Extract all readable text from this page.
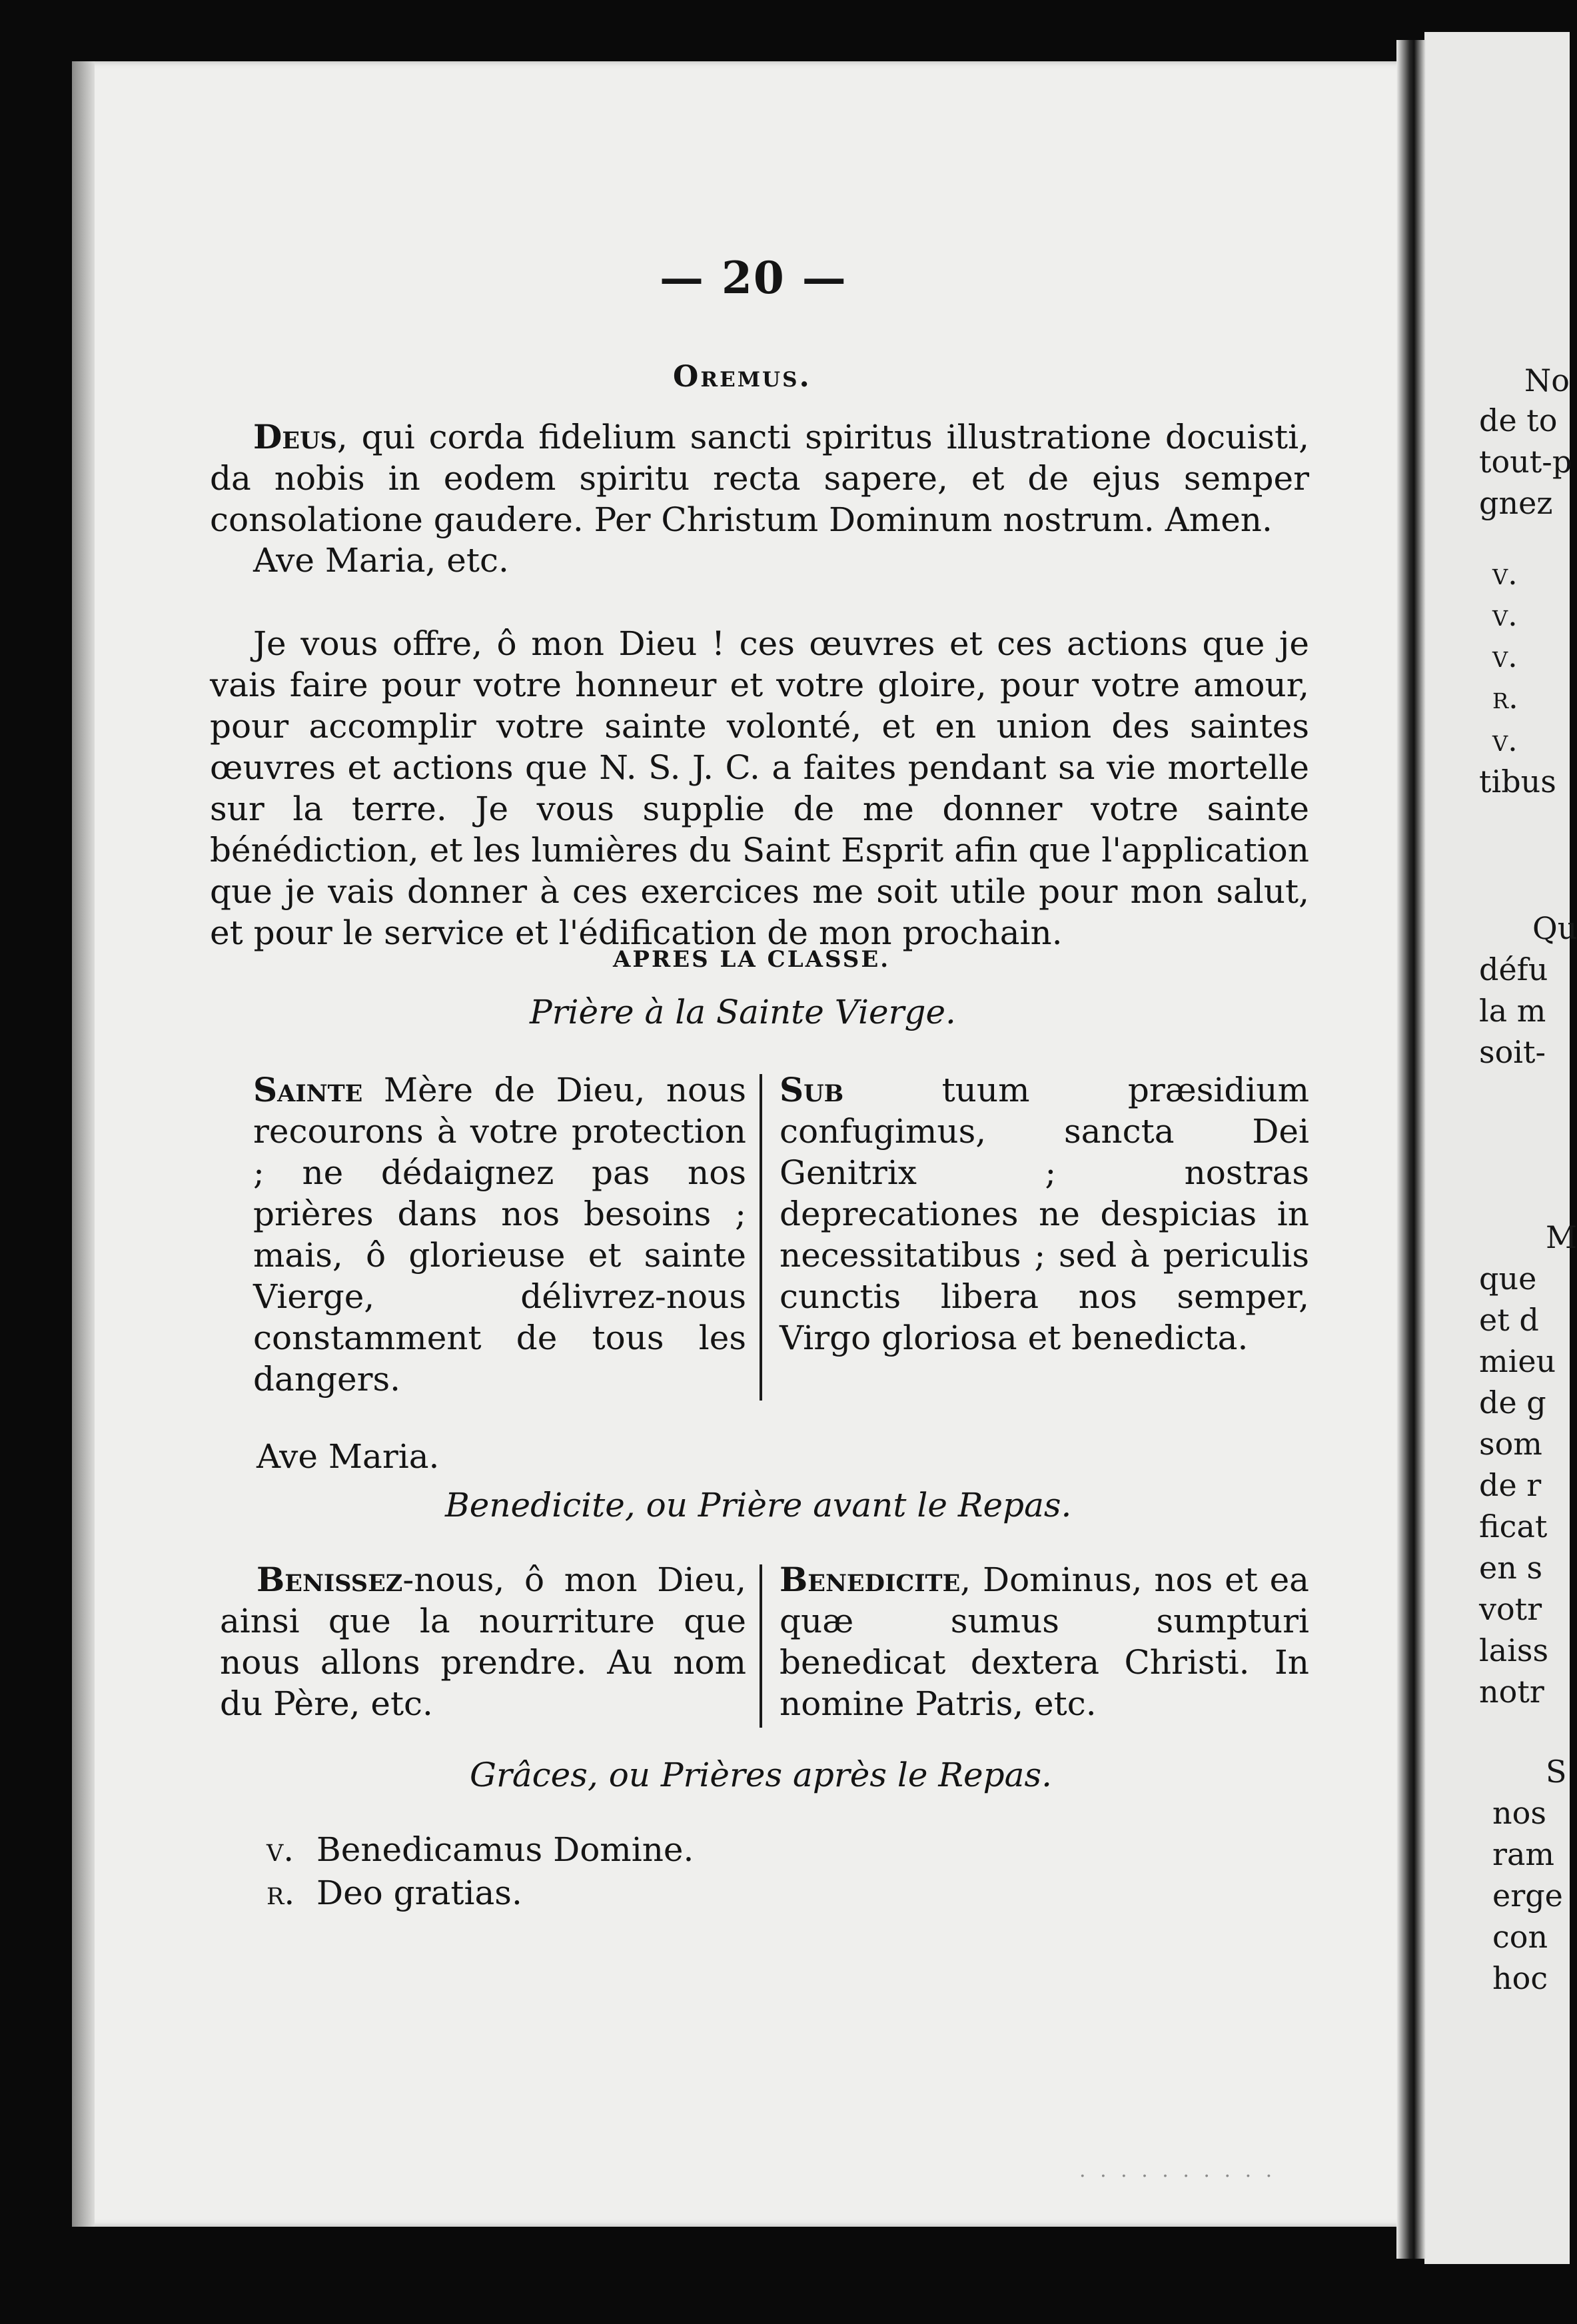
— 20 —
Oremus.
Deus, qui corda fidelium sancti spiritus illustratione docuisti, da nobis in eodem spiritu recta sapere, et de ejus semper consolatione gaudere. Per Christum Dominum nostrum. Amen.
Ave Maria, etc.
Je vous offre, ô mon Dieu ! ces œuvres et ces actions que je vais faire pour votre honneur et votre gloire, pour votre amour, pour accomplir votre sainte volonté, et en union des saintes œuvres et actions que N. S. J. C. a faites pendant sa vie mortelle sur la terre. Je vous supplie de me donner votre sainte bénédiction, et les lumières du Saint Esprit afin que l'application que je vais donner à ces exercices me soit utile pour mon salut, et pour le service et l'édification de mon prochain.
APRES LA CLASSE.
Prière à la Sainte Vierge.
Sainte Mère de Dieu, nous recourons à votre protection ; ne dédaignez pas nos prières dans nos besoins ; mais, ô glorieuse et sainte Vierge, délivrez-nous constamment de tous les dangers.
Sub tuum præsidium confugimus, sancta Dei Genitrix ; nostras deprecationes ne despicias in necessitatibus ; sed à periculis cunctis libera nos semper, Virgo gloriosa et benedicta.
Ave Maria.
Benedicite, ou Prière avant le Repas.
Benissez-nous, ô mon Dieu, ainsi que la nourriture que nous allons prendre. Au nom du Père, etc.
Benedicite, Dominus, nos et ea quæ sumus sumpturi benedicat dextera Christi. In nomine Patris, etc.
Grâces, ou Prières après le Repas.
v. Benedicamus Domine.
r. Deo gratias.
. . . . . . . . . .
No
de to
tout-p
gnez
v.
v.
v.
r.
v.
tibus
Qu
défu
la m
soit-
M
que
et d
mieu
de g
som
de r
ficat
en s
votr
laiss
notr
S
nos
ram
erge
con
hoc
